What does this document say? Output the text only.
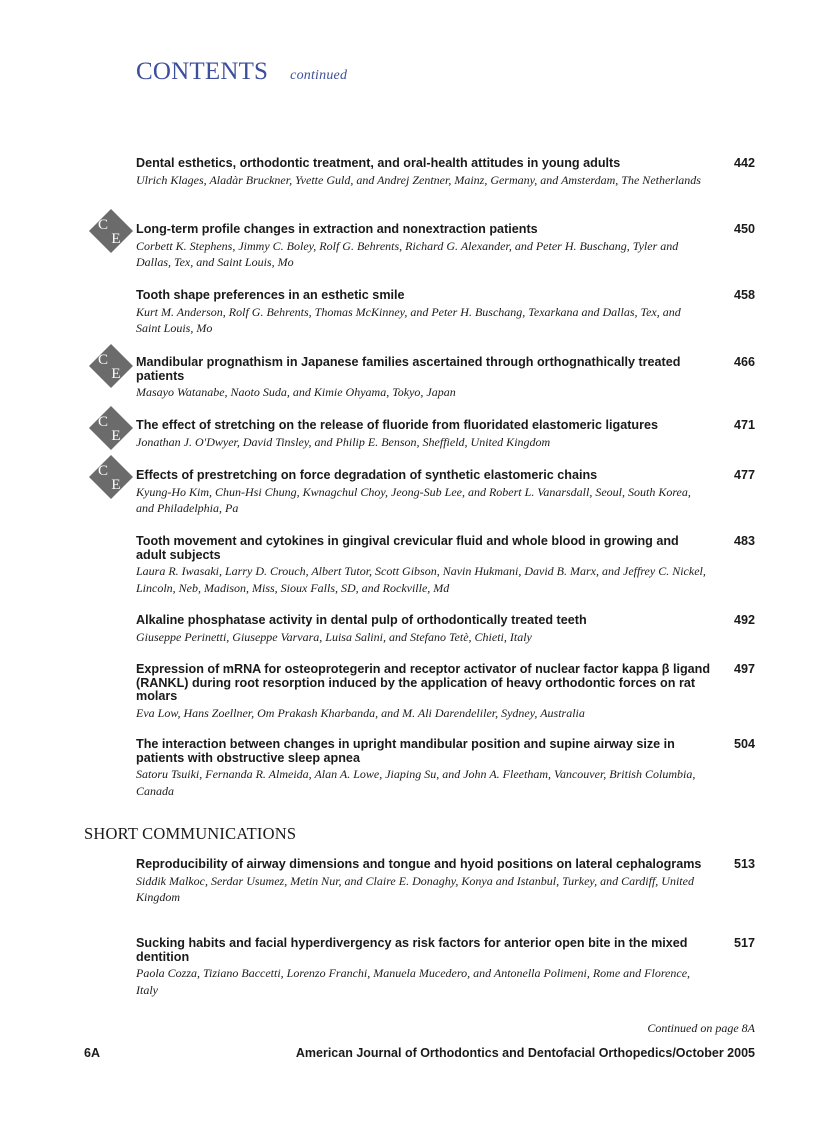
CONTENTS continued
Dental esthetics, orthodontic treatment, and oral-health attitudes in young adults
Ulrich Klages, Aladàr Bruckner, Yvette Guld, and Andrej Zentner, Mainz, Germany, and Amsterdam, The Netherlands
442
C
E
Long-term profile changes in extraction and nonextraction patients
Corbett K. Stephens, Jimmy C. Boley, Rolf G. Behrents, Richard G. Alexander, and Peter H. Buschang, Tyler and Dallas, Tex, and Saint Louis, Mo
450
Tooth shape preferences in an esthetic smile
Kurt M. Anderson, Rolf G. Behrents, Thomas McKinney, and Peter H. Buschang, Texarkana and Dallas, Tex, and Saint Louis, Mo
458
C
E
Mandibular prognathism in Japanese families ascertained through orthognathically treated patients
Masayo Watanabe, Naoto Suda, and Kimie Ohyama, Tokyo, Japan
466
C
E
The effect of stretching on the release of fluoride from fluoridated elastomeric ligatures
Jonathan J. O'Dwyer, David Tinsley, and Philip E. Benson, Sheffield, United Kingdom
471
C
E
Effects of prestretching on force degradation of synthetic elastomeric chains
Kyung-Ho Kim, Chun-Hsi Chung, Kwnagchul Choy, Jeong-Sub Lee, and Robert L. Vanarsdall, Seoul, South Korea, and Philadelphia, Pa
477
Tooth movement and cytokines in gingival crevicular fluid and whole blood in growing and adult subjects
Laura R. Iwasaki, Larry D. Crouch, Albert Tutor, Scott Gibson, Navin Hukmani, David B. Marx, and Jeffrey C. Nickel, Lincoln, Neb, Madison, Miss, Sioux Falls, SD, and Rockville, Md
483
Alkaline phosphatase activity in dental pulp of orthodontically treated teeth
Giuseppe Perinetti, Giuseppe Varvara, Luisa Salini, and Stefano Tetè, Chieti, Italy
492
Expression of mRNA for osteoprotegerin and receptor activator of nuclear factor kappa β ligand (RANKL) during root resorption induced by the application of heavy orthodontic forces on rat molars
Eva Low, Hans Zoellner, Om Prakash Kharbanda, and M. Ali Darendeliler, Sydney, Australia
497
The interaction between changes in upright mandibular position and supine airway size in patients with obstructive sleep apnea
Satoru Tsuiki, Fernanda R. Almeida, Alan A. Lowe, Jiaping Su, and John A. Fleetham, Vancouver, British Columbia, Canada
504
SHORT COMMUNICATIONS
Reproducibility of airway dimensions and tongue and hyoid positions on lateral cephalograms
Siddik Malkoc, Serdar Usumez, Metin Nur, and Claire E. Donaghy, Konya and Istanbul, Turkey, and Cardiff, United Kingdom
513
Sucking habits and facial hyperdivergency as risk factors for anterior open bite in the mixed dentition
Paola Cozza, Tiziano Baccetti, Lorenzo Franchi, Manuela Mucedero, and Antonella Polimeni, Rome and Florence, Italy
517
Continued on page 8A
6A	American Journal of Orthodontics and Dentofacial Orthopedics/October 2005
